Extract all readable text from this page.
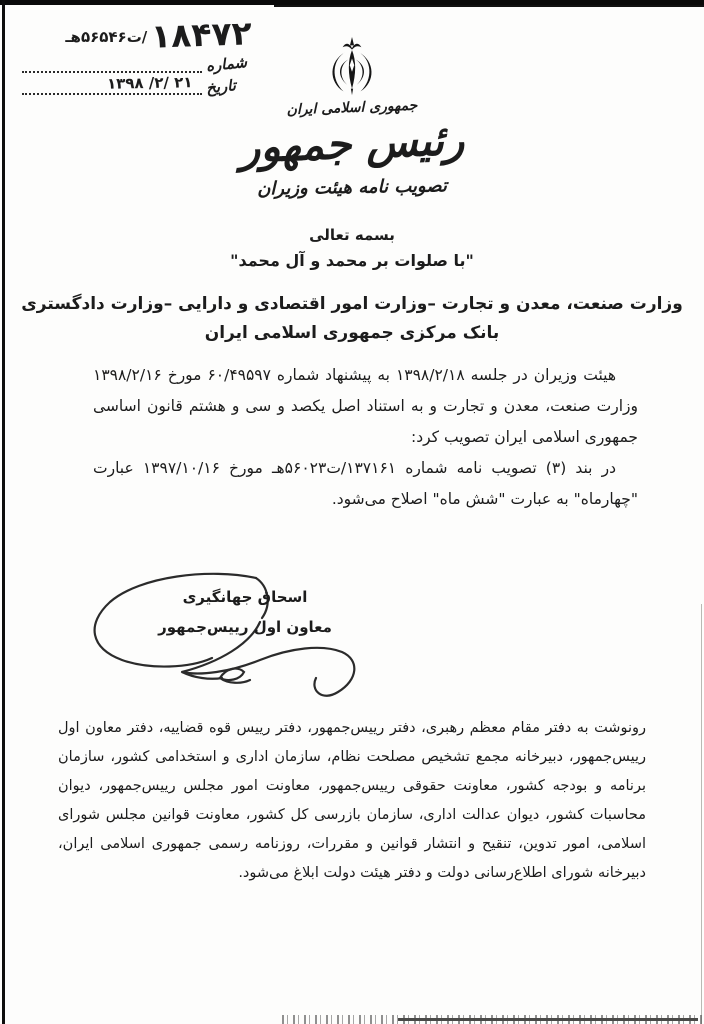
۱۸۴۷۲
/ت۵۶۵۴۶هـ
شماره
تاریخ
۱۳۹۸ /۲/ ۲۱
جمهوری اسلامی ایران
رئیس جمهور
تصویب نامه هیئت وزیران
بسمه تعالی
"با صلوات بر محمد و آل محمد"
وزارت صنعت، معدن و تجارت –وزارت امور اقتصادی و دارایی –وزارت دادگستری
بانک مرکزی جمهوری اسلامی ایران

هیئت وزیران در جلسه ۱۳۹۸/۲/۱۸ به پیشنهاد شماره ۶۰/۴۹۵۹۷ مورخ ۱۳۹۸/۲/۱۶ وزارت صنعت، معدن و تجارت و به استناد اصل یکصد و سی و هشتم قانون اساسی جمهوری اسلامی ایران تصویب کرد:

در بند (۳) تصویب نامه شماره ۱۳۷۱۶۱/ت۵۶۰۲۳هـ مورخ ۱۳۹۷/۱۰/۱۶ عبارت "چهارماه" به عبارت "شش ماه" اصلاح می‌شود.

اسحاق جهانگیری
معاون اول رییس‌جمهور

رونوشت به دفتر مقام معظم رهبری، دفتر رییس‌جمهور، دفتر رییس قوه قضاییه، دفتر معاون اول رییس‌جمهور، دبیرخانه مجمع تشخیص مصلحت نظام، سازمان اداری و استخدامی کشور، سازمان برنامه و بودجه کشور، معاونت حقوقی رییس‌جمهور، معاونت امور مجلس رییس‌جمهور، دیوان محاسبات کشور، دیوان عدالت اداری، سازمان بازرسی کل کشور، معاونت قوانین مجلس شورای اسلامی، امور تدوین، تنقیح و انتشار قوانین و مقررات، روزنامه رسمی جمهوری اسلامی ایران، دبیرخانه شورای اطلاع‌رسانی دولت و دفتر هیئت دولت ابلاغ می‌شود.
